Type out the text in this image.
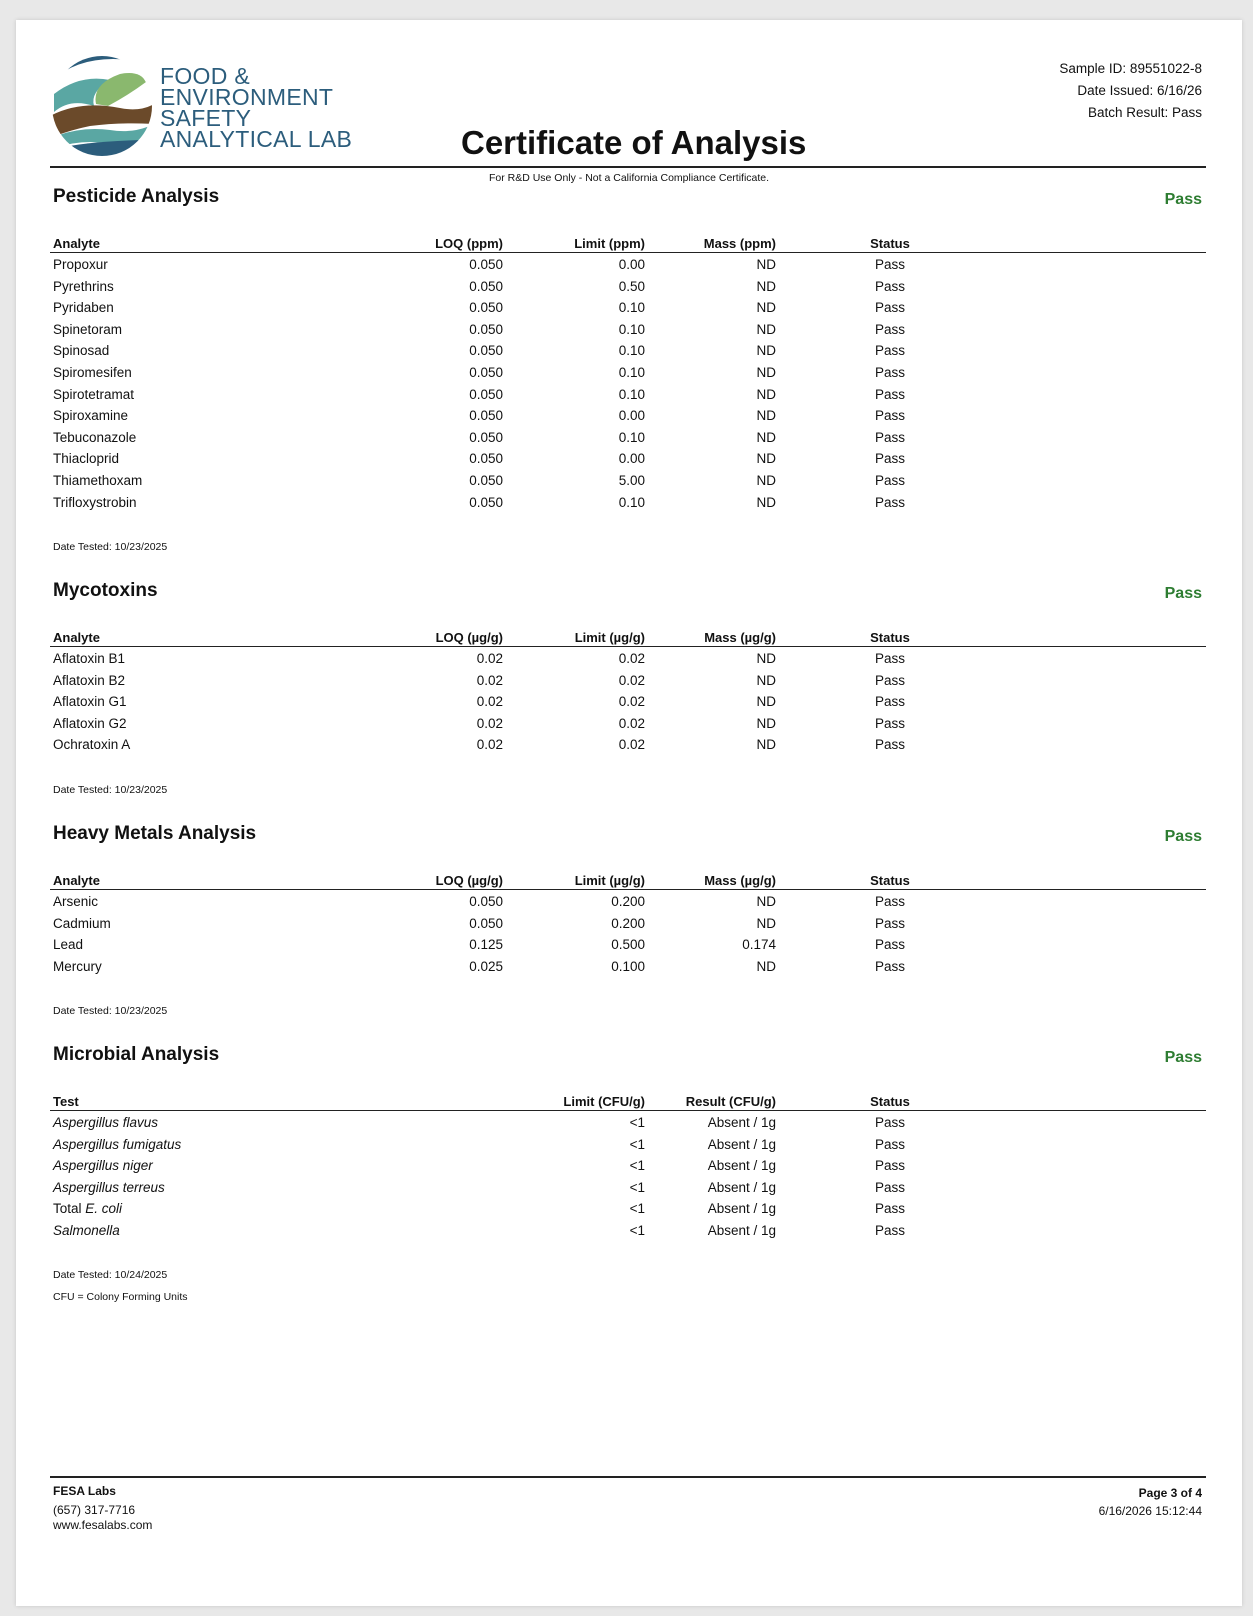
FOOD &
ENVIRONMENT
SAFETY
ANALYTICAL LAB	Certificate of Analysis
Sample ID: 89551022-8
Date Issued: 6/16/26
Batch Result: Pass
For R&D Use Only - Not a California Compliance Certificate.
Pesticide Analysis	Pass
Analyte	LOQ (ppm)	Limit (ppm)	Mass (ppm)	Status
Propoxur	0.050	0.00	ND	Pass
Pyrethrins	0.050	0.50	ND	Pass
Pyridaben	0.050	0.10	ND	Pass
Spinetoram	0.050	0.10	ND	Pass
Spinosad	0.050	0.10	ND	Pass
Spiromesifen	0.050	0.10	ND	Pass
Spirotetramat	0.050	0.10	ND	Pass
Spiroxamine	0.050	0.00	ND	Pass
Tebuconazole	0.050	0.10	ND	Pass
Thiacloprid	0.050	0.00	ND	Pass
Thiamethoxam	0.050	5.00	ND	Pass
Trifloxystrobin	0.050	0.10	ND	Pass
Date Tested: 10/23/2025
Mycotoxins	Pass
Analyte	LOQ (µg/g)	Limit (µg/g)	Mass (µg/g)	Status
Aflatoxin B1	0.02	0.02	ND	Pass
Aflatoxin B2	0.02	0.02	ND	Pass
Aflatoxin G1	0.02	0.02	ND	Pass
Aflatoxin G2	0.02	0.02	ND	Pass
Ochratoxin A	0.02	0.02	ND	Pass
Date Tested: 10/23/2025
Heavy Metals Analysis	Pass
Analyte	LOQ (µg/g)	Limit (µg/g)	Mass (µg/g)	Status
Arsenic	0.050	0.200	ND	Pass
Cadmium	0.050	0.200	ND	Pass
Lead	0.125	0.500	0.174	Pass
Mercury	0.025	0.100	ND	Pass
Date Tested: 10/23/2025
Microbial Analysis	Pass
Test	Limit (CFU/g)	Result (CFU/g)	Status
Aspergillus flavus	<1	Absent / 1g	Pass
Aspergillus fumigatus	<1	Absent / 1g	Pass
Aspergillus niger	<1	Absent / 1g	Pass
Aspergillus terreus	<1	Absent / 1g	Pass
Total E. coli	<1	Absent / 1g	Pass
Salmonella	<1	Absent / 1g	Pass
Date Tested: 10/24/2025
CFU = Colony Forming Units
FESA Labs
(657) 317-7716
www.fesalabs.com
Page 3 of 4
6/16/2026 15:12:44
